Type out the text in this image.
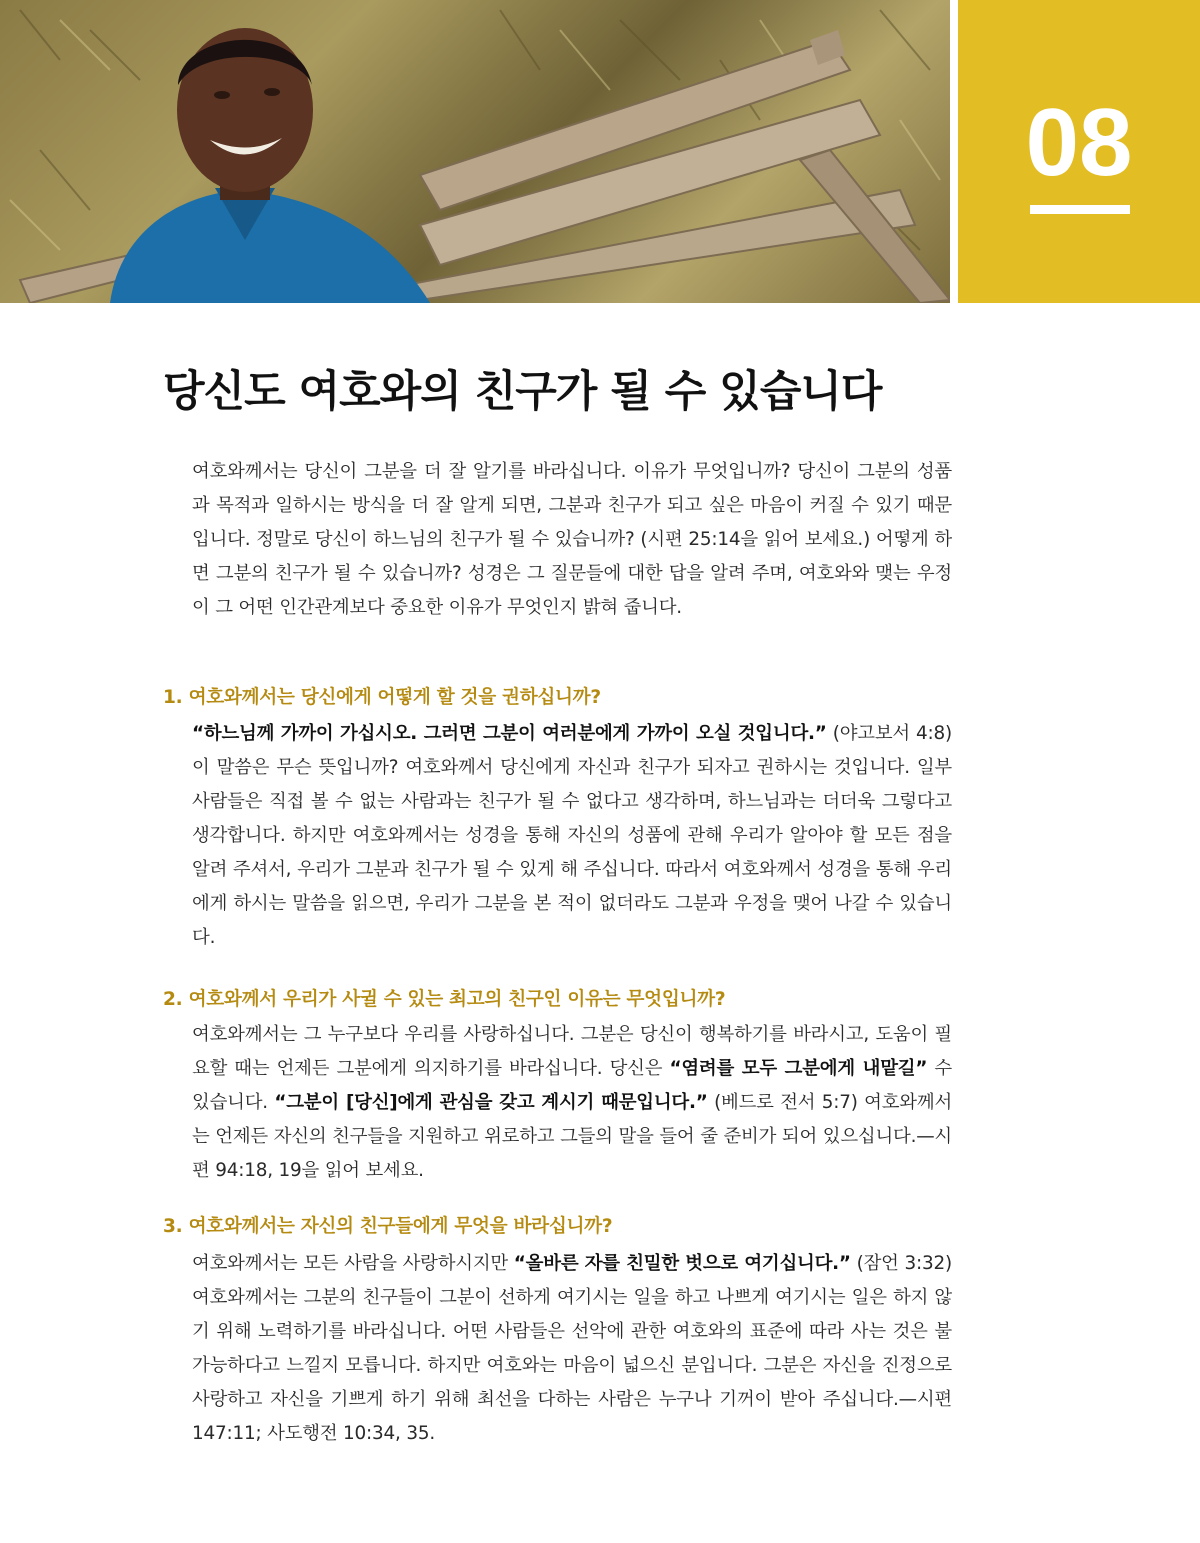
08
당신도 여호와의 친구가 될 수 있습니다

여호와께서는 당신이 그분을 더 잘 알기를 바라십니다. 이유가 무엇입니까? 당신이 그분의 성품과 목적과 일하시는 방식을 더 잘 알게 되면, 그분과 친구가 되고 싶은 마음이 커질 수 있기 때문입니다. 정말로 당신이 하느님의 친구가 될 수 있습니까? (시편 25:14을 읽어 보세요.) 어떻게 하면 그분의 친구가 될 수 있습니까? 성경은 그 질문들에 대한 답을 알려 주며, 여호와와 맺는 우정이 그 어떤 인간관계보다 중요한 이유가 무엇인지 밝혀 줍니다.

1. 여호와께서는 당신에게 어떻게 할 것을 권하십니까?

“하느님께 가까이 가십시오. 그러면 그분이 여러분에게 가까이 오실 것입니다.” (야고보서 4:8) 이 말씀은 무슨 뜻입니까? 여호와께서 당신에게 자신과 친구가 되자고 권하시는 것입니다. 일부 사람들은 직접 볼 수 없는 사람과는 친구가 될 수 없다고 생각하며, 하느님과는 더더욱 그렇다고 생각합니다. 하지만 여호와께서는 성경을 통해 자신의 성품에 관해 우리가 알아야 할 모든 점을 알려 주셔서, 우리가 그분과 친구가 될 수 있게 해 주십니다. 따라서 여호와께서 성경을 통해 우리에게 하시는 말씀을 읽으면, 우리가 그분을 본 적이 없더라도 그분과 우정을 맺어 나갈 수 있습니다.

2. 여호와께서 우리가 사귈 수 있는 최고의 친구인 이유는 무엇입니까?

여호와께서는 그 누구보다 우리를 사랑하십니다. 그분은 당신이 행복하기를 바라시고, 도움이 필요할 때는 언제든 그분에게 의지하기를 바라십니다. 당신은 “염려를 모두 그분에게 내맡길” 수 있습니다. “그분이 [당신]에게 관심을 갖고 계시기 때문입니다.” (베드로 전서 5:7) 여호와께서는 언제든 자신의 친구들을 지원하고 위로하고 그들의 말을 들어 줄 준비가 되어 있으십니다.—시편 94:18, 19을 읽어 보세요.

3. 여호와께서는 자신의 친구들에게 무엇을 바라십니까?

여호와께서는 모든 사람을 사랑하시지만 “올바른 자를 친밀한 벗으로 여기십니다.” (잠언 3:32) 여호와께서는 그분의 친구들이 그분이 선하게 여기시는 일을 하고 나쁘게 여기시는 일은 하지 않기 위해 노력하기를 바라십니다. 어떤 사람들은 선악에 관한 여호와의 표준에 따라 사는 것은 불가능하다고 느낄지 모릅니다. 하지만 여호와는 마음이 넓으신 분입니다. 그분은 자신을 진정으로 사랑하고 자신을 기쁘게 하기 위해 최선을 다하는 사람은 누구나 기꺼이 받아 주십니다.—시편 147:11; 사도행전 10:34, 35.
